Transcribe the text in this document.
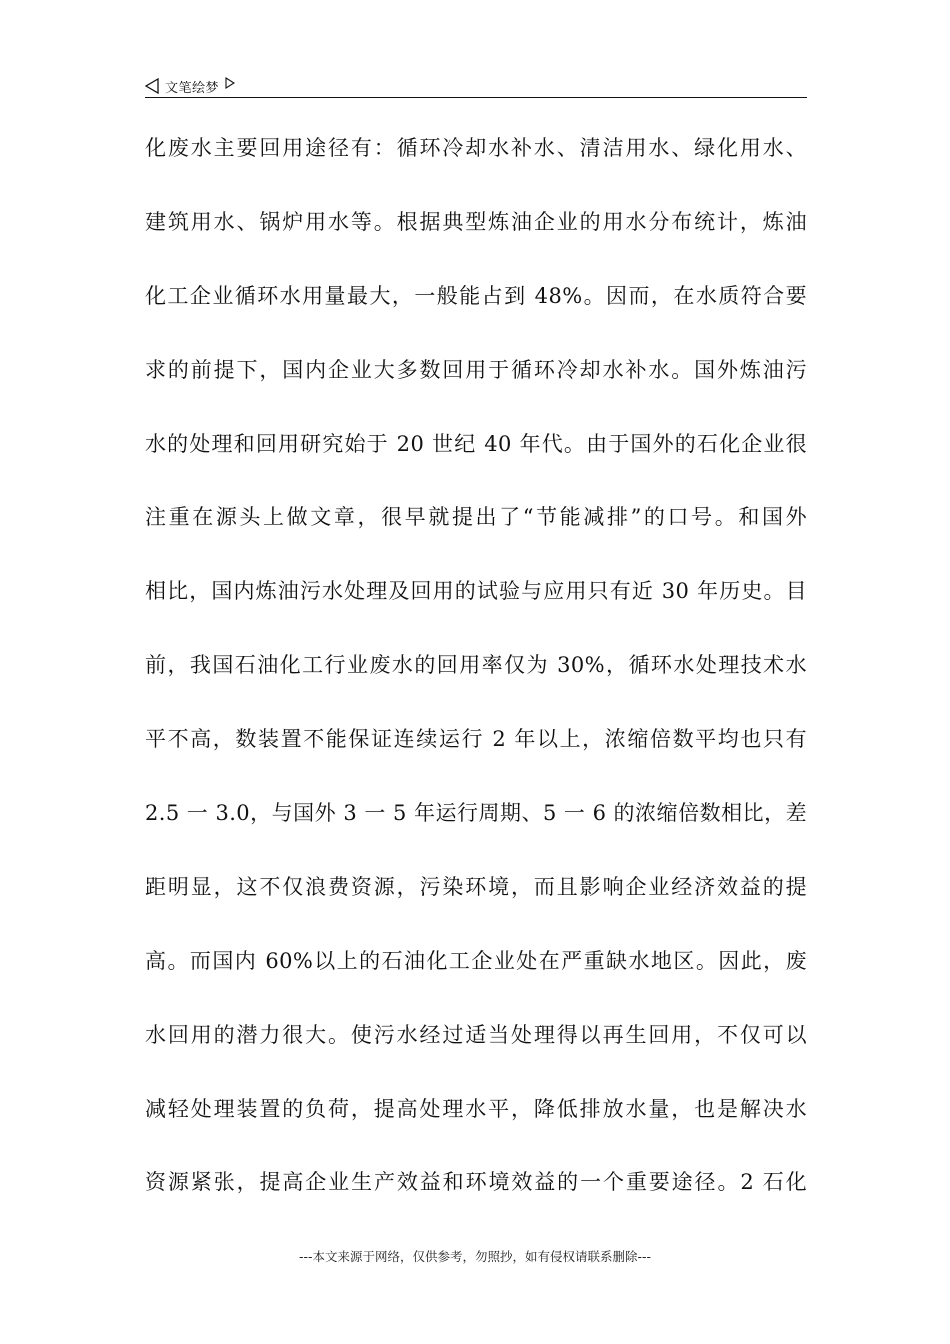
文笔绘梦
化废水主要回用途径有：循环冷却水补水、清洁用水、绿化用水、
建筑用水、锅炉用水等。根据典型炼油企业的用水分布统计，炼油
化工企业循环水用量最大，一般能占到 48%。因而，在水质符合要
求的前提下，国内企业大多数回用于循环冷却水补水。国外炼油污
水的处理和回用研究始于 20 世纪 40 年代。由于国外的石化企业很
注重在源头上做文章，很早就提出了“节能减排”的口号。和国外
相比，国内炼油污水处理及回用的试验与应用只有近 30 年历史。目
前，我国石油化工行业废水的回用率仅为 30%，循环水处理技术水
平不高，数装置不能保证连续运行 2 年以上，浓缩倍数平均也只有
2.5 一 3.0，与国外 3 一 5 年运行周期、5 一 6 的浓缩倍数相比，差
距明显，这不仅浪费资源，污染环境，而且影响企业经济效益的提
高。而国内 60%以上的石油化工企业处在严重缺水地区。因此，废
水回用的潜力很大。使污水经过适当处理得以再生回用，不仅可以
减轻处理装置的负荷，提高处理水平，降低排放水量，也是解决水
资源紧张，提高企业生产效益和环境效益的一个重要途径。2 石化
---本文来源于网络，仅供参考，勿照抄，如有侵权请联系删除---
